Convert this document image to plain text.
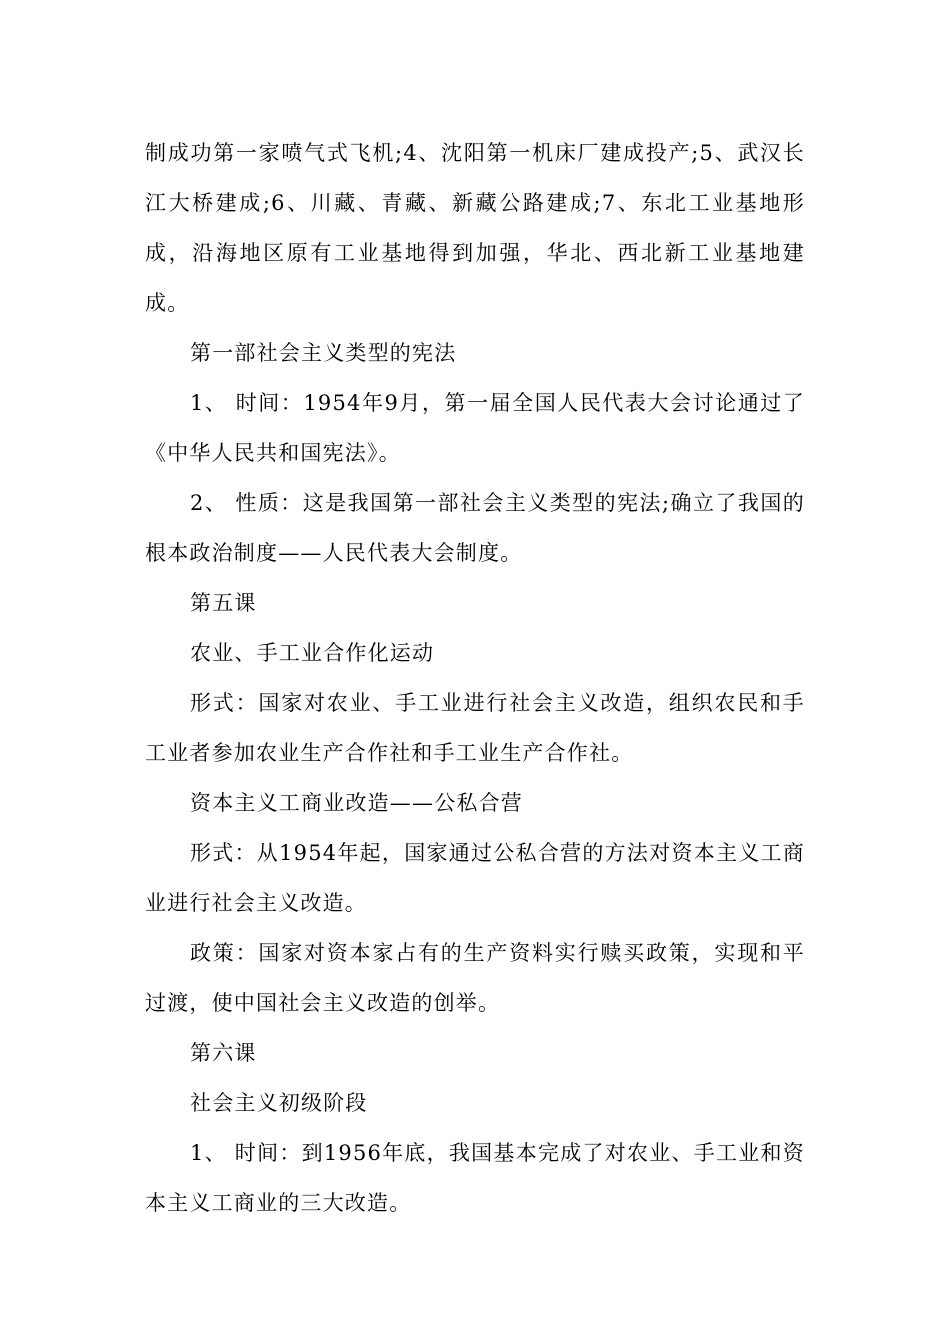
制成功第一家喷气式飞机;4、沈阳第一机床厂建成投产;5、武汉长江大桥建成;6、川藏、青藏、新藏公路建成;7、东北工业基地形成，沿海地区原有工业基地得到加强，华北、西北新工业基地建成。

第一部社会主义类型的宪法

1、 时间：1954年9月，第一届全国人民代表大会讨论通过了《中华人民共和国宪法》。

2、 性质：这是我国第一部社会主义类型的宪法;确立了我国的根本政治制度——人民代表大会制度。

第五课

农业、手工业合作化运动

形式：国家对农业、手工业进行社会主义改造，组织农民和手工业者参加农业生产合作社和手工业生产合作社。

资本主义工商业改造——公私合营

形式：从1954年起，国家通过公私合营的方法对资本主义工商业进行社会主义改造。

政策：国家对资本家占有的生产资料实行赎买政策，实现和平过渡，使中国社会主义改造的创举。

第六课

社会主义初级阶段

1、 时间：到1956年底，我国基本完成了对农业、手工业和资本主义工商业的三大改造。
